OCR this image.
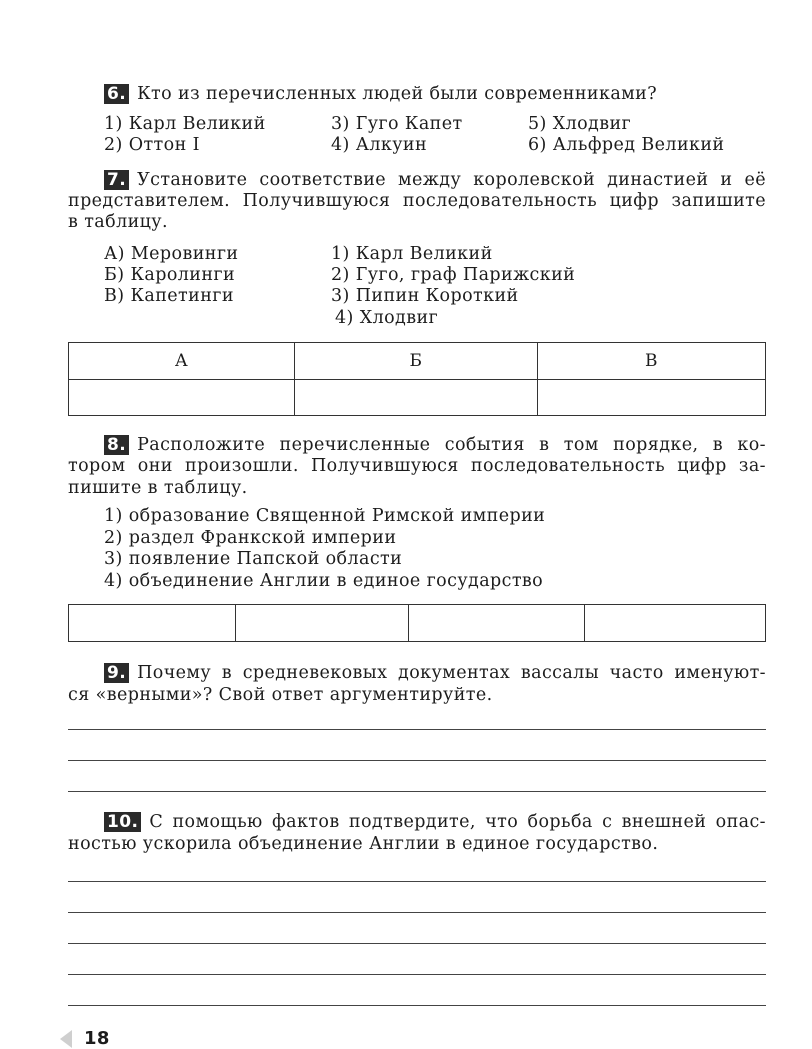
6. Кто из перечисленных людей были современниками?
1) Карл Великий
2) Оттон I
3) Гуго Капет
4) Алкуин
5) Хлодвиг
6) Альфред Великий
7. Установите соответствие между королевской династией и её
представителем. Получившуюся последовательность цифр запишите
в таблицу.
А) Меровинги
Б) Каролинги
В) Капетинги
1) Карл Великий
2) Гуго, граф Парижский
3) Пипин Короткий
4) Хлодвиг
А	Б	В

8. Расположите перечисленные события в том порядке, в ко-
тором они произошли. Получившуюся последовательность цифр за-
пишите в таблицу.
1) образование Священной Римской империи
2) раздел Франкской империи
3) появление Папской области
4) объединение Англии в единое государство

9. Почему в средневековых документах вассалы часто именуют-
ся «верными»? Свой ответ аргументируйте.
10. С помощью фактов подтвердите, что борьба с внешней опас-
ностью ускорила объединение Англии в единое государство.
18
